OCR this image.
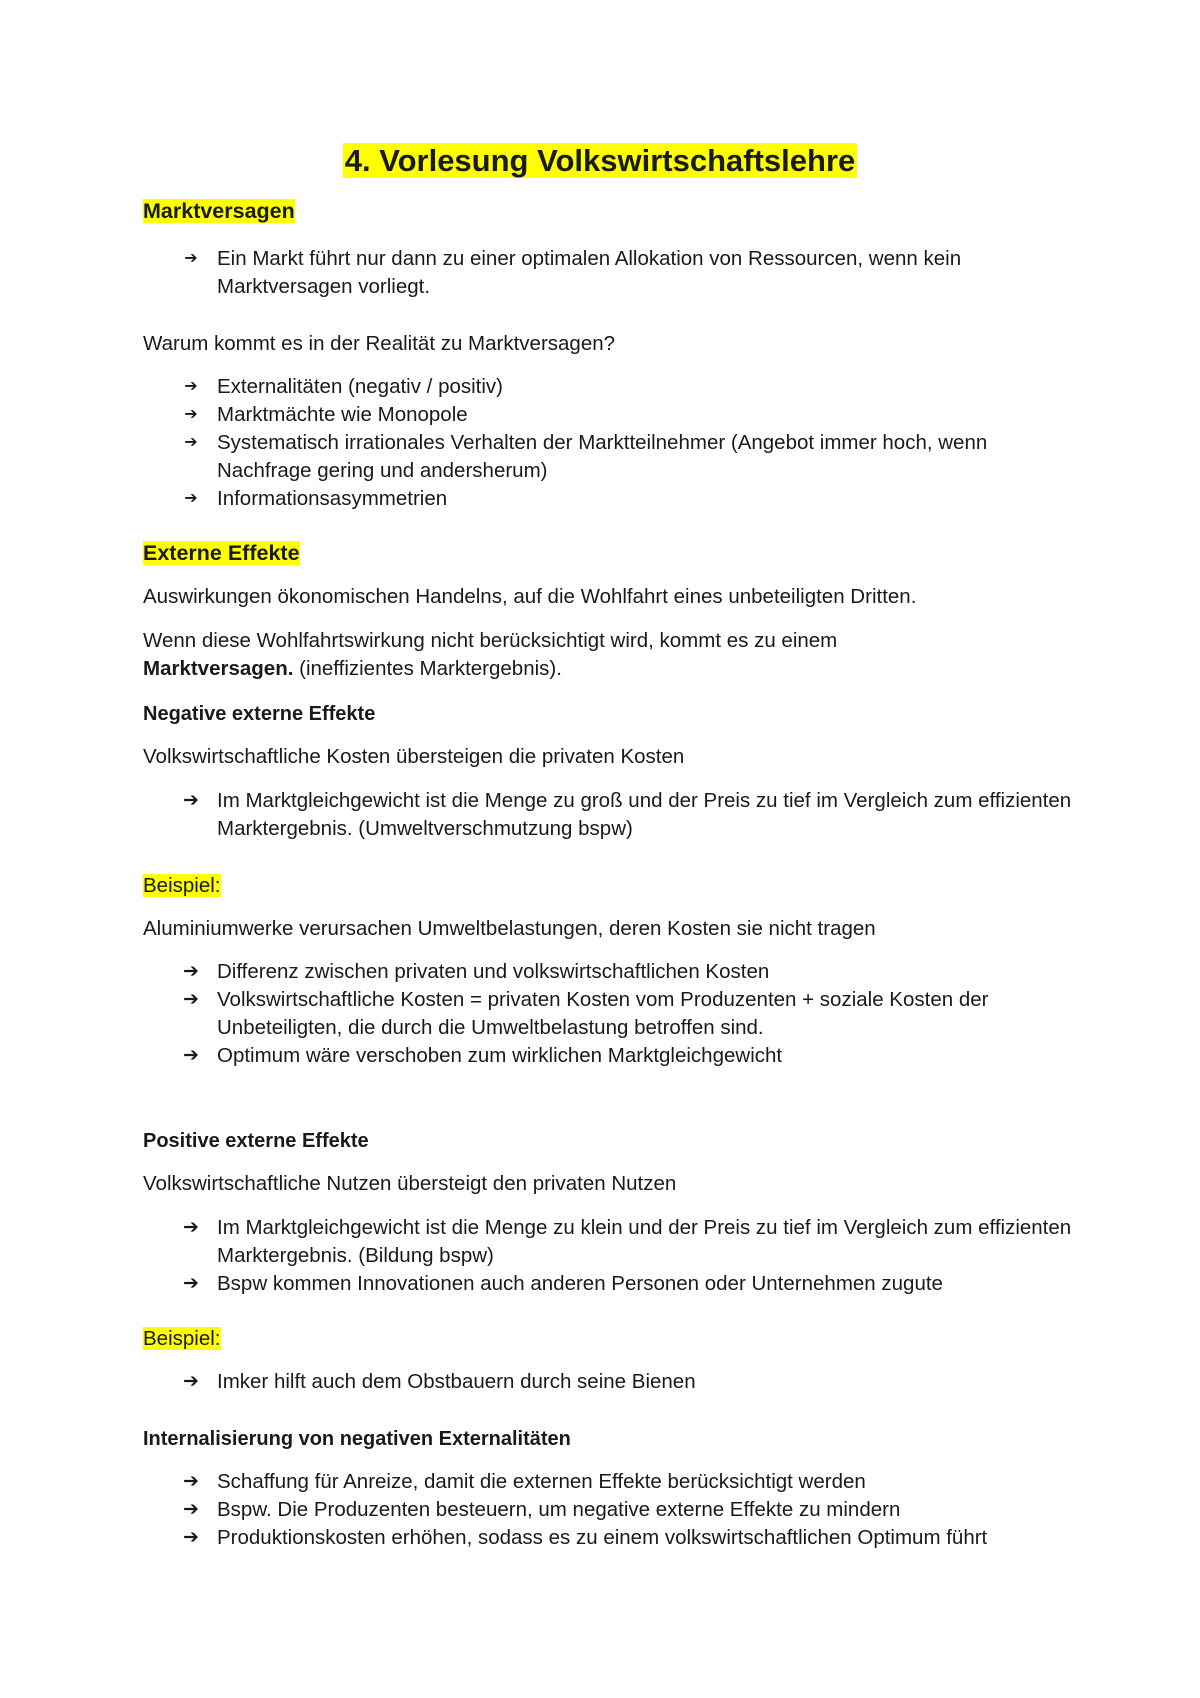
4. Vorlesung Volkswirtschaftslehre
Marktversagen
➔ Ein Markt führt nur dann zu einer optimalen Allokation von Ressourcen, wenn kein Marktversagen vorliegt.
Warum kommt es in der Realität zu Marktversagen?
➔ Externalitäten (negativ / positiv)
➔ Marktmächte wie Monopole
➔ Systematisch irrationales Verhalten der Marktteilnehmer (Angebot immer hoch, wenn Nachfrage gering und andersherum)
➔ Informationsasymmetrien
Externe Effekte
Auswirkungen ökonomischen Handelns, auf die Wohlfahrt eines unbeteiligten Dritten.
Wenn diese Wohlfahrtswirkung nicht berücksichtigt wird, kommt es zu einem
Marktversagen. (ineffizientes Marktergebnis).
Negative externe Effekte
Volkswirtschaftliche Kosten übersteigen die privaten Kosten
➔ Im Marktgleichgewicht ist die Menge zu groß und der Preis zu tief im Vergleich zum effizienten Marktergebnis. (Umweltverschmutzung bspw)
Beispiel:
Aluminiumwerke verursachen Umweltbelastungen, deren Kosten sie nicht tragen
➔ Differenz zwischen privaten und volkswirtschaftlichen Kosten
➔ Volkswirtschaftliche Kosten = privaten Kosten vom Produzenten + soziale Kosten der Unbeteiligten, die durch die Umweltbelastung betroffen sind.
➔ Optimum wäre verschoben zum wirklichen Marktgleichgewicht
Positive externe Effekte
Volkswirtschaftliche Nutzen übersteigt den privaten Nutzen
➔ Im Marktgleichgewicht ist die Menge zu klein und der Preis zu tief im Vergleich zum effizienten Marktergebnis. (Bildung bspw)
➔ Bspw kommen Innovationen auch anderen Personen oder Unternehmen zugute
Beispiel:
➔ Imker hilft auch dem Obstbauern durch seine Bienen
Internalisierung von negativen Externalitäten
➔ Schaffung für Anreize, damit die externen Effekte berücksichtigt werden
➔ Bspw. Die Produzenten besteuern, um negative externe Effekte zu mindern
➔ Produktionskosten erhöhen, sodass es zu einem volkswirtschaftlichen Optimum führt
